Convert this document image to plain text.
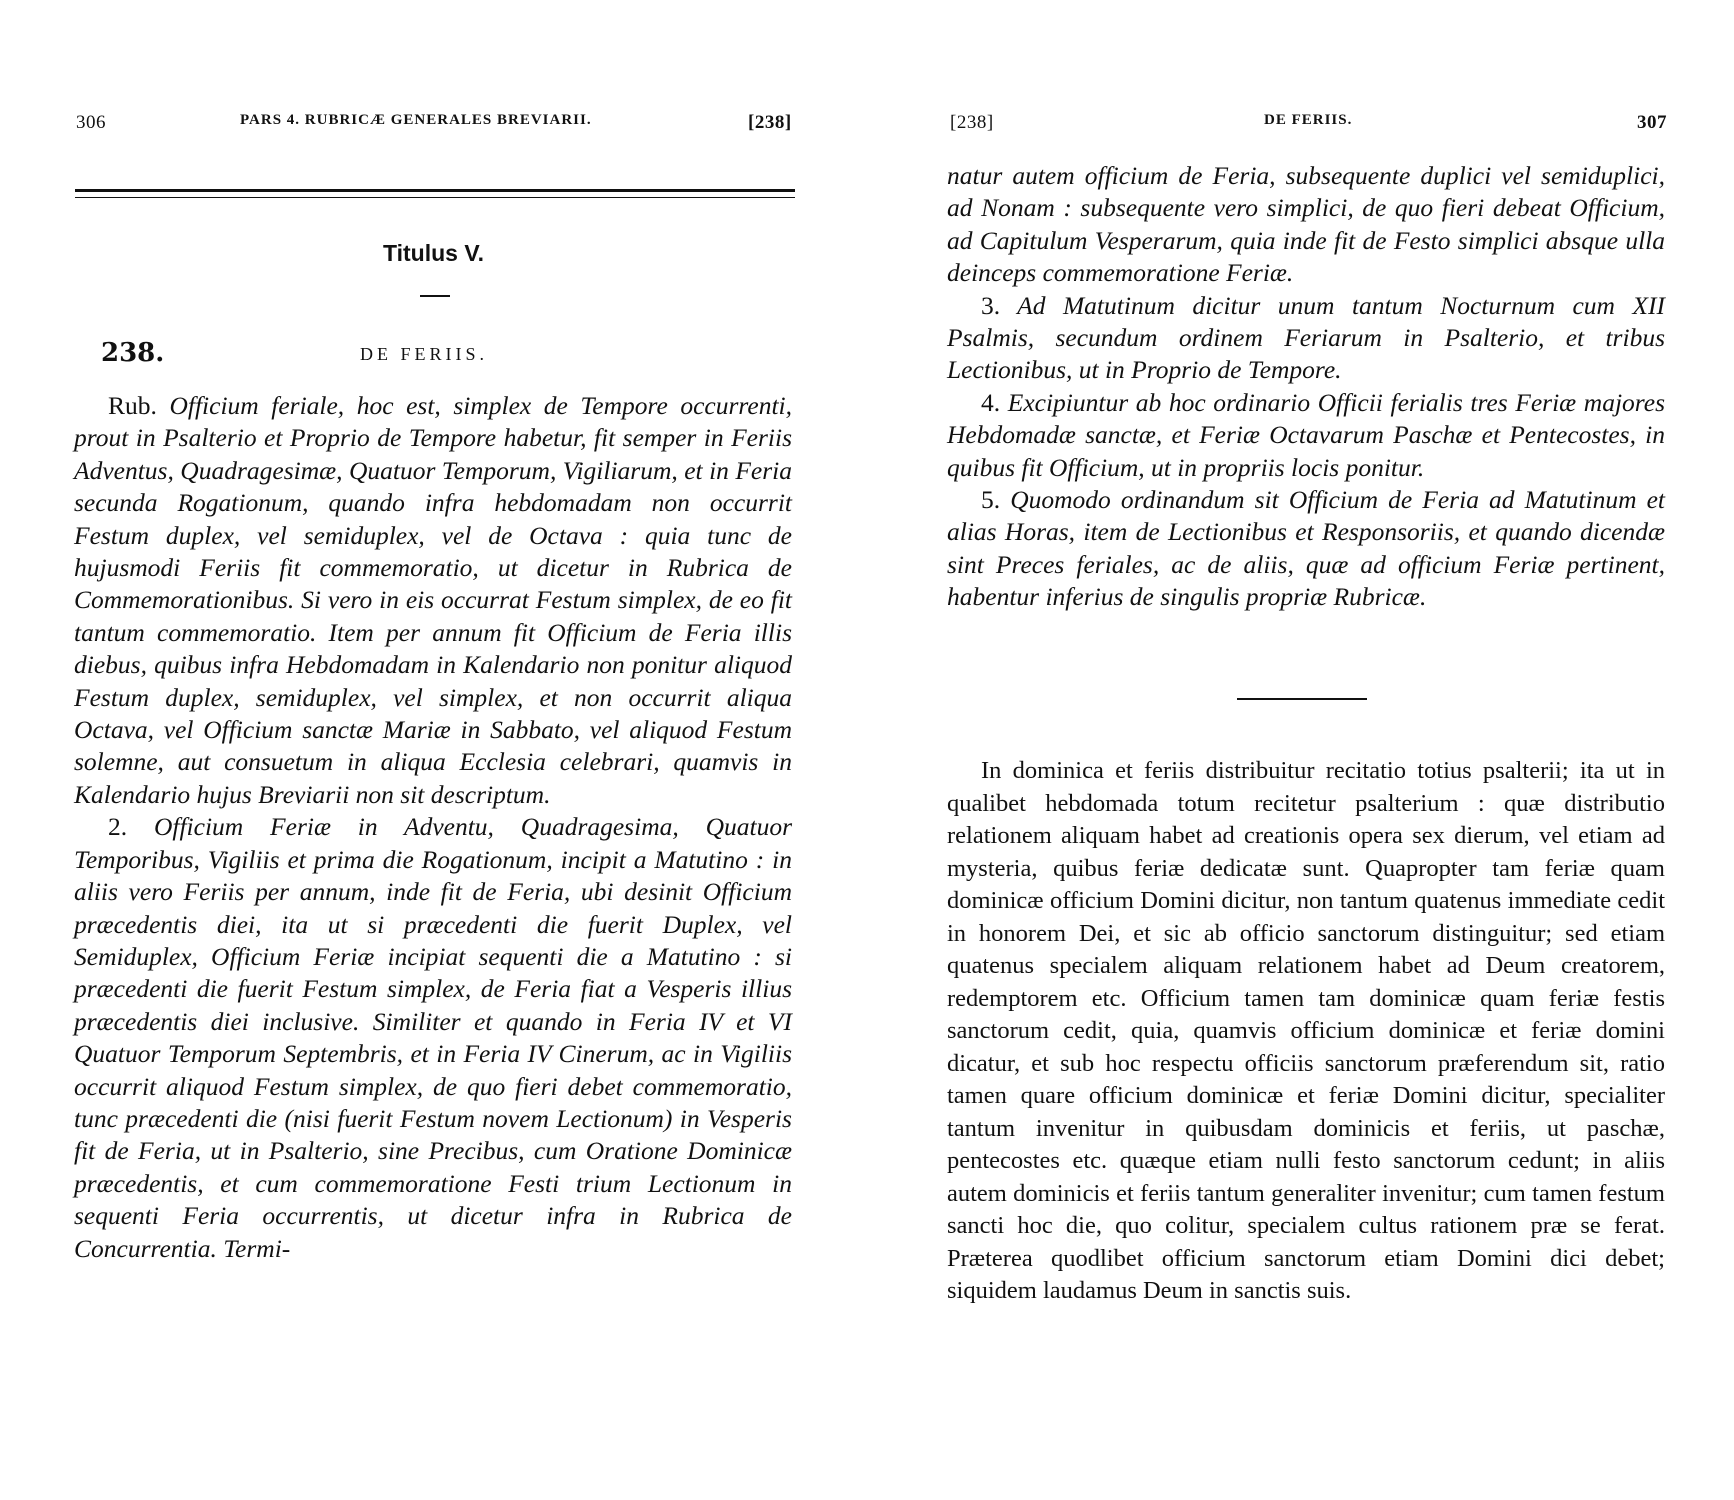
306	PARS 4. RUBRICÆ GENERALES BREVIARII.	[238]
Titulus V.
238.	DE FERIIS.

Rub. Officium feriale, hoc est, simplex de Tempore occurrenti, prout in Psalterio et Proprio de Tempore habetur, fit semper in Feriis Adventus, Quadragesimæ, Quatuor Temporum, Vigiliarum, et in Feria secunda Rogationum, quando infra hebdomadam non occurrit Festum duplex, vel semiduplex, vel de Octava : quia tunc de hujusmodi Feriis fit commemoratio, ut dicetur in Rubrica de Commemorationibus. Si vero in eis occurrat Festum simplex, de eo fit tantum commemoratio. Item per annum fit Officium de Feria illis diebus, quibus infra Hebdomadam in Kalendario non ponitur aliquod Festum duplex, semiduplex, vel simplex, et non occurrit aliqua Octava, vel Officium sanctæ Mariæ in Sabbato, vel aliquod Festum solemne, aut consuetum in aliqua Ecclesia celebrari, quamvis in Kalendario hujus Breviarii non sit descriptum.

2. Officium Feriæ in Adventu, Quadragesima, Quatuor Temporibus, Vigiliis et prima die Rogationum, incipit a Matutino : in aliis vero Feriis per annum, inde fit de Feria, ubi desinit Officium præcedentis diei, ita ut si præcedenti die fuerit Duplex, vel Semiduplex, Officium Feriæ incipiat sequenti die a Matutino : si præcedenti die fuerit Festum simplex, de Feria fiat a Vesperis illius præcedentis diei inclusive. Similiter et quando in Feria IV et VI Quatuor Temporum Septembris, et in Feria IV Cinerum, ac in Vigiliis occurrit aliquod Festum simplex, de quo fieri debet commemoratio, tunc præcedenti die (nisi fuerit Festum novem Lectionum) in Vesperis fit de Feria, ut in Psalterio, sine Precibus, cum Oratione Dominicæ præcedentis, et cum commemoratione Festi trium Lectionum in sequenti Feria occurrentis, ut dicetur infra in Rubrica de Concurrentia. Termi-

[238]	DE FERIIS.	307

natur autem officium de Feria, subsequente duplici vel semiduplici, ad Nonam : subsequente vero simplici, de quo fieri debeat Officium, ad Capitulum Vesperarum, quia inde fit de Festo simplici absque ulla deinceps commemoratione Feriæ.

3. Ad Matutinum dicitur unum tantum Nocturnum cum XII Psalmis, secundum ordinem Feriarum in Psalterio, et tribus Lectionibus, ut in Proprio de Tempore.

4. Excipiuntur ab hoc ordinario Officii ferialis tres Feriæ majores Hebdomadæ sanctæ, et Feriæ Octavarum Paschæ et Pentecostes, in quibus fit Officium, ut in propriis locis ponitur.

5. Quomodo ordinandum sit Officium de Feria ad Matutinum et alias Horas, item de Lectionibus et Responsoriis, et quando dicendæ sint Preces feriales, ac de aliis, quæ ad officium Feriæ pertinent, habentur inferius de singulis propriæ Rubricæ.

In dominica et feriis distribuitur recitatio totius psalterii; ita ut in qualibet hebdomada totum recitetur psalterium : quæ distributio relationem aliquam habet ad creationis opera sex dierum, vel etiam ad mysteria, quibus feriæ dedicatæ sunt. Quapropter tam feriæ quam dominicæ officium Domini dicitur, non tantum quatenus immediate cedit in honorem Dei, et sic ab officio sanctorum distinguitur; sed etiam quatenus specialem aliquam relationem habet ad Deum creatorem, redemptorem etc. Officium tamen tam dominicæ quam feriæ festis sanctorum cedit, quia, quamvis officium dominicæ et feriæ domini dicatur, et sub hoc respectu officiis sanctorum præferendum sit, ratio tamen quare officium dominicæ et feriæ Domini dicitur, specialiter tantum invenitur in quibusdam dominicis et feriis, ut paschæ, pentecostes etc. quæque etiam nulli festo sanctorum cedunt; in aliis autem dominicis et feriis tantum generaliter invenitur; cum tamen festum sancti hoc die, quo colitur, specialem cultus rationem præ se ferat. Præterea quodlibet officium sanctorum etiam Domini dici debet; siquidem laudamus Deum in sanctis suis.
